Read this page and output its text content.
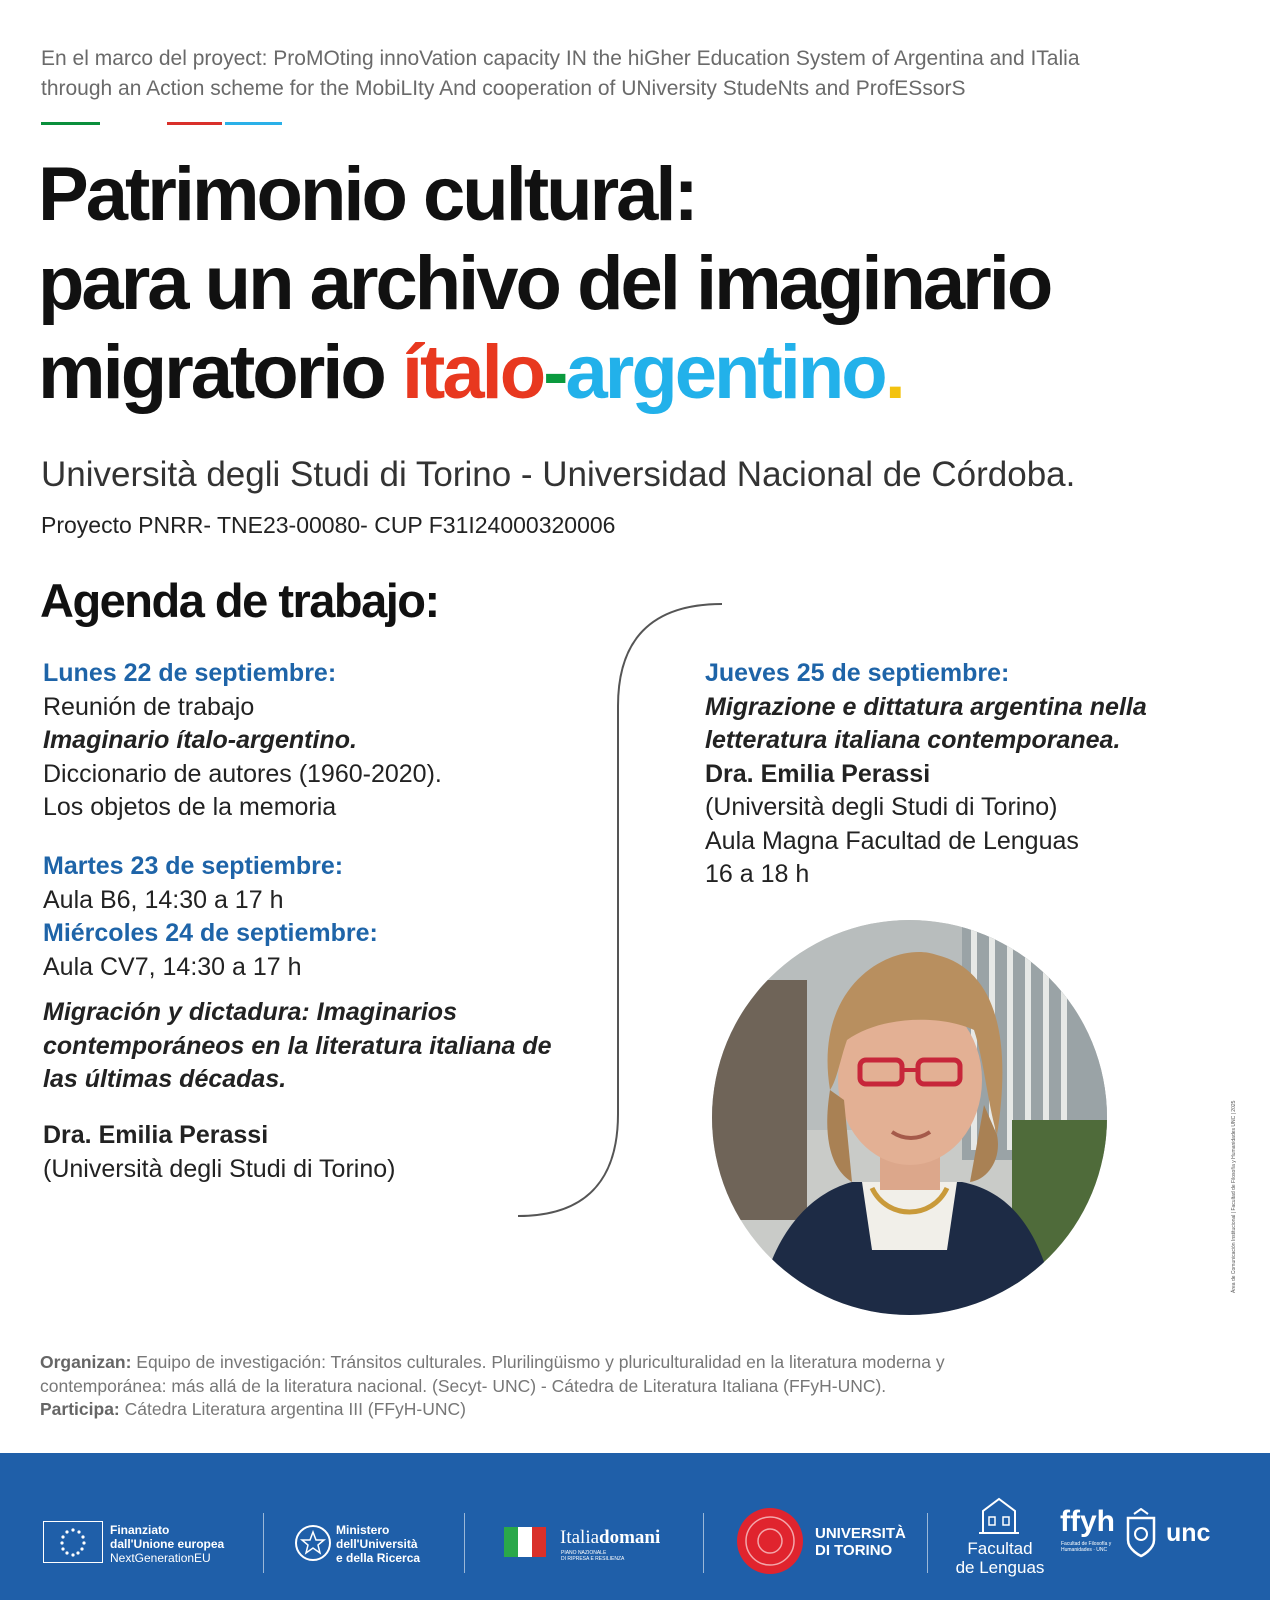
En el marco del proyect: ProMOting innoVation capacity IN the hiGher Education System of Argentina and ITalia
through an Action scheme for the MobiLIty And cooperation of UNiversity StudeNts and ProfESsorS
Patrimonio cultural:
para un archivo del imaginario
migratorio ítalo-argentino.
Università degli Studi di Torino - Universidad Nacional de Córdoba.
Proyecto PNRR- TNE23-00080- CUP F31I24000320006
Agenda de trabajo:
Lunes 22 de septiembre:
Reunión de trabajo
Imaginario ítalo-argentino.
Diccionario de autores (1960-2020).
Los objetos de la memoria
Martes 23 de septiembre:
Aula B6, 14:30 a 17 h
Miércoles 24 de septiembre:
Aula CV7, 14:30 a 17 h
Migración y dictadura: Imaginarios
contemporáneos en la literatura italiana de
las últimas décadas.
Dra. Emilia Perassi
(Università degli Studi di Torino)
Jueves 25 de septiembre:
Migrazione e dittatura argentina nella
letteratura italiana contemporanea.
Dra. Emilia Perassi
(Università degli Studi di Torino)
Aula Magna Facultad de Lenguas
16 a 18 h
Área de Comunicación Institucional | Facultad de Filosofía y Humanidades UNC | 2025
Organizan: Equipo de investigación: Tránsitos culturales. Plurilingüismo y pluriculturalidad en la literatura moderna y
contemporánea: más allá de la literatura nacional. (Secyt- UNC) - Cátedra de Literatura Italiana (FFyH-UNC).
Participa: Cátedra Literatura argentina III (FFyH-UNC)
Finanziato
dall'Unione europea
NextGenerationEU
Ministero
dell'Università
e della Ricerca
Italiadomani
PIANO NAZIONALE
DI RIPRESA E RESILIENZA
UNIVERSITÀ
DI TORINO	Facultad
de Lenguas
ffyh
Facultad de Filosofía y Humanidades · UNC
unc
